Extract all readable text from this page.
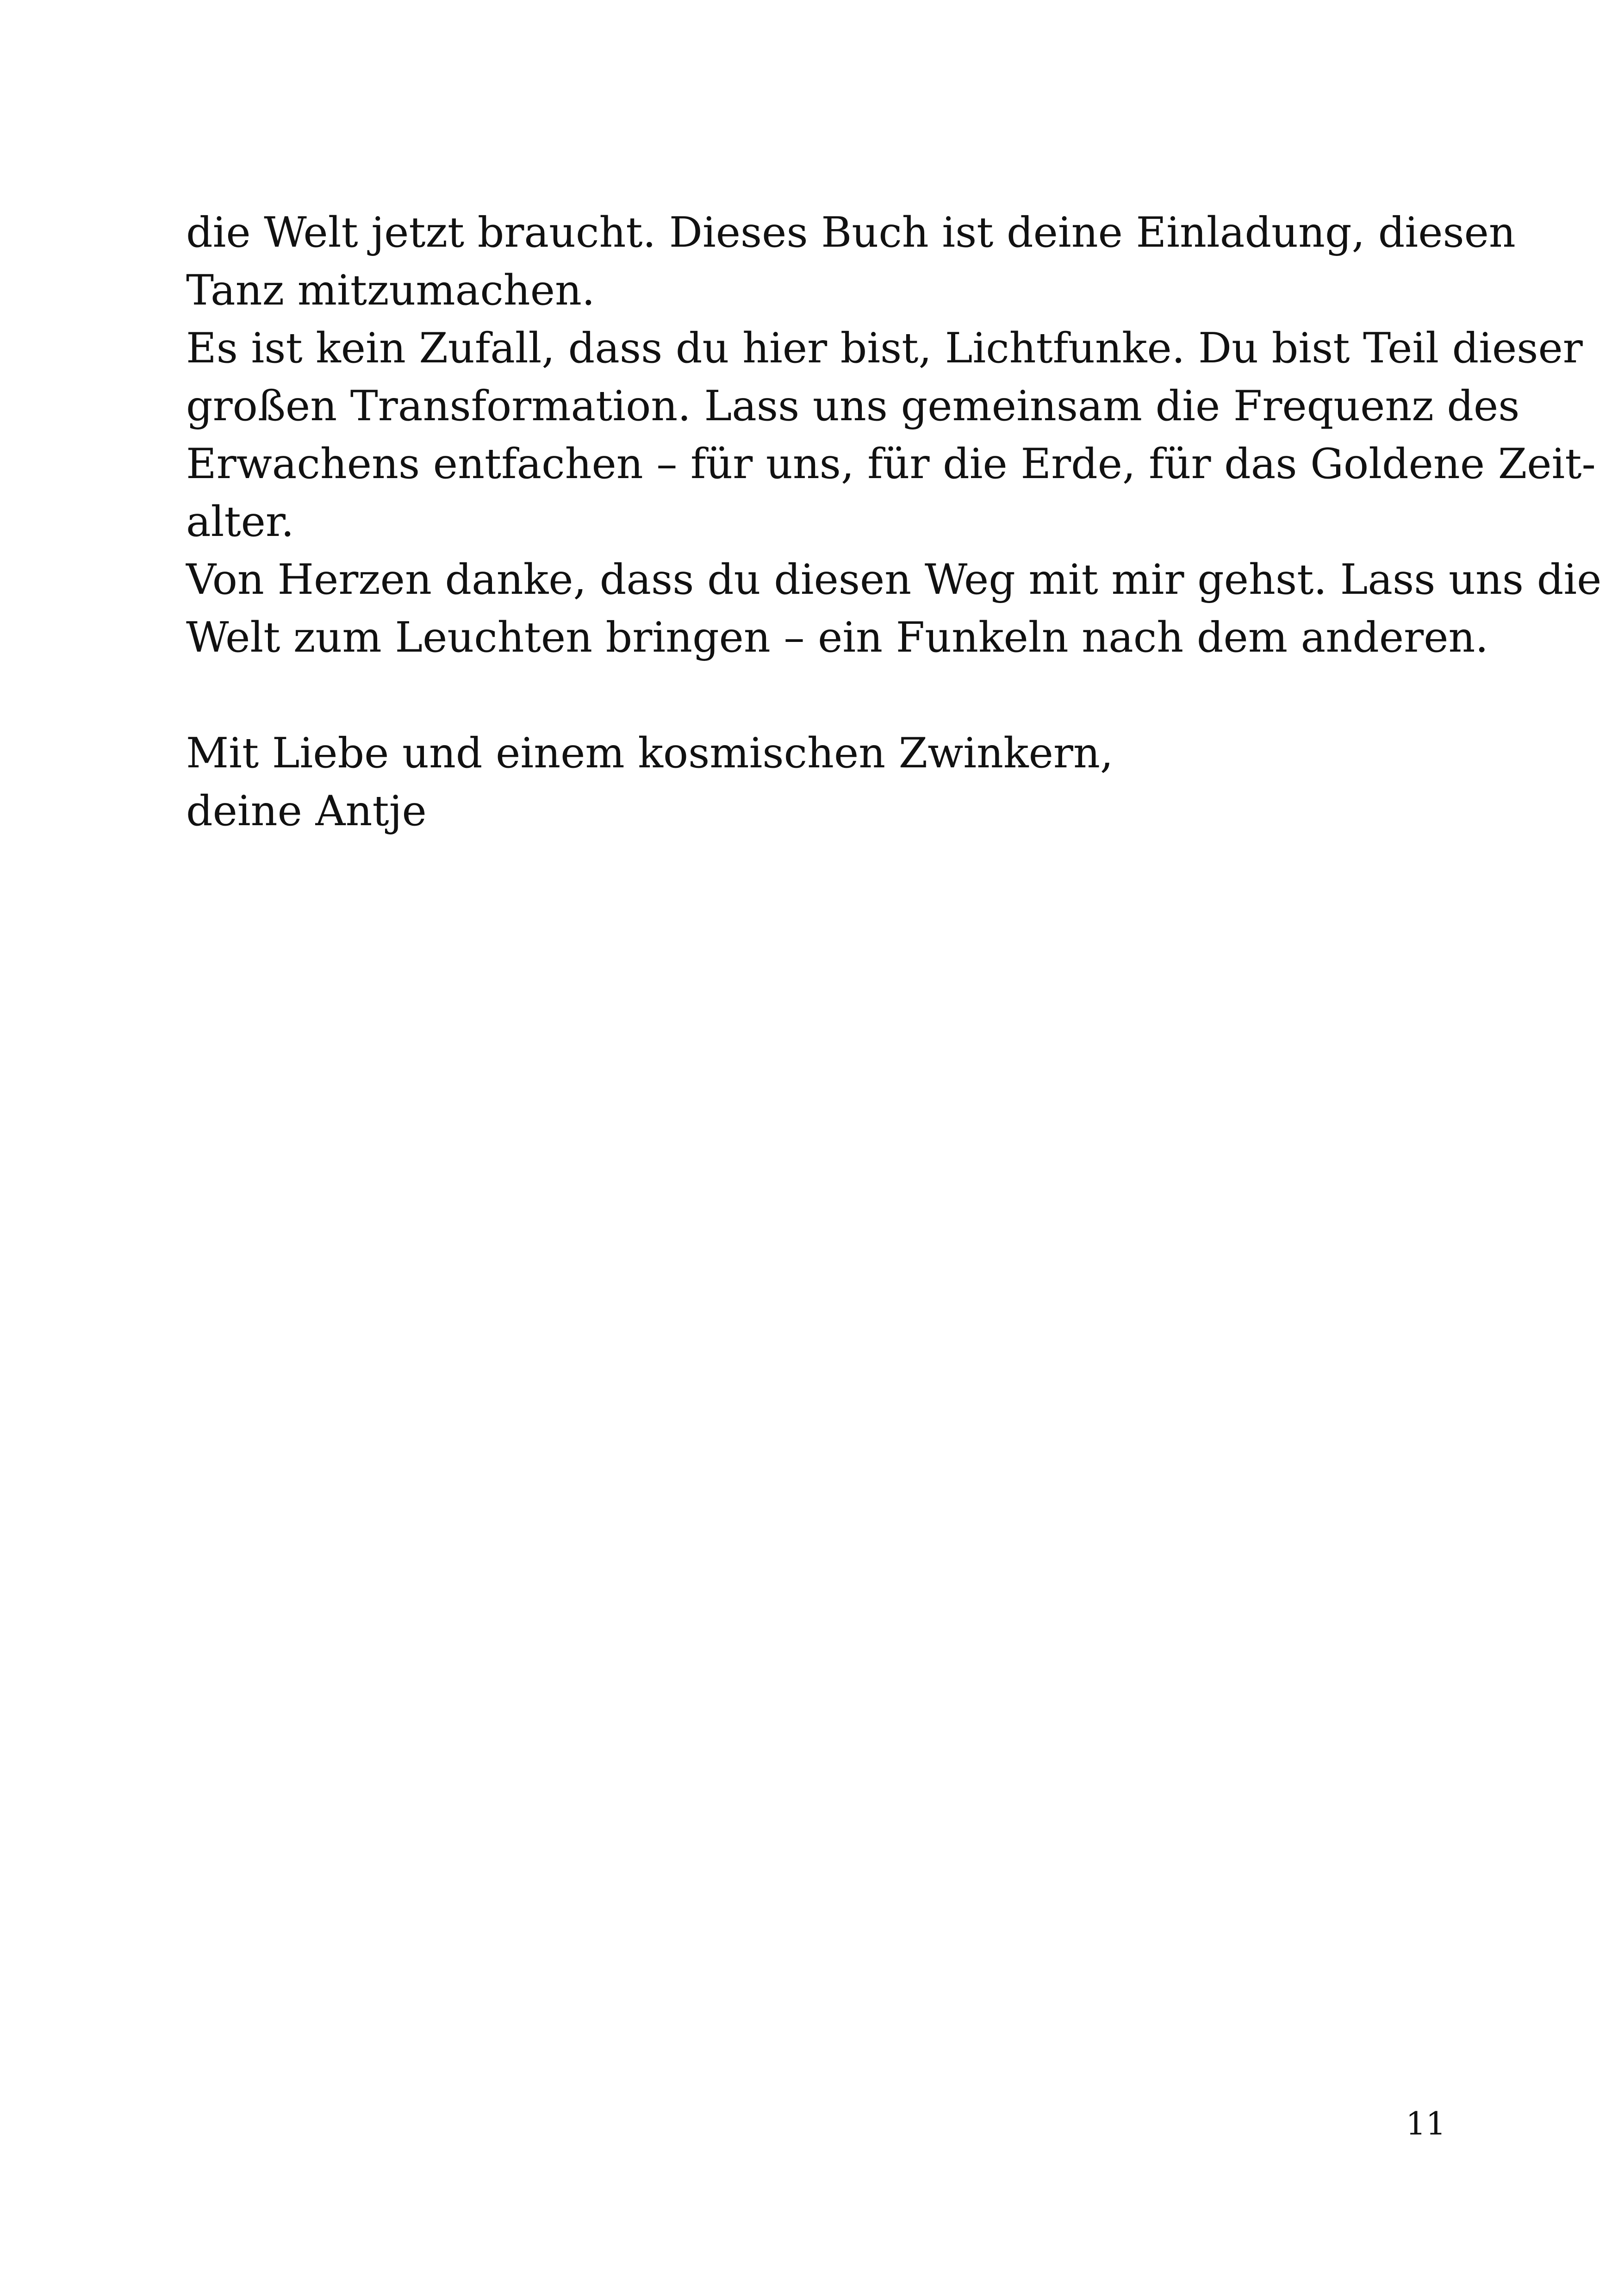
die Welt jetzt braucht. Dieses Buch ist deine Einladung, diesen
Tanz mitzumachen.
Es ist kein Zufall, dass du hier bist, Lichtfunke. Du bist Teil dieser
großen Transformation. Lass uns gemeinsam die Frequenz des
Erwachens entfachen – für uns, für die Erde, für das Goldene Zeit-
alter.
Von Herzen danke, dass du diesen Weg mit mir gehst. Lass uns die
Welt zum Leuchten bringen – ein Funkeln nach dem anderen.
Mit Liebe und einem kosmischen Zwinkern,
deine Antje
11
